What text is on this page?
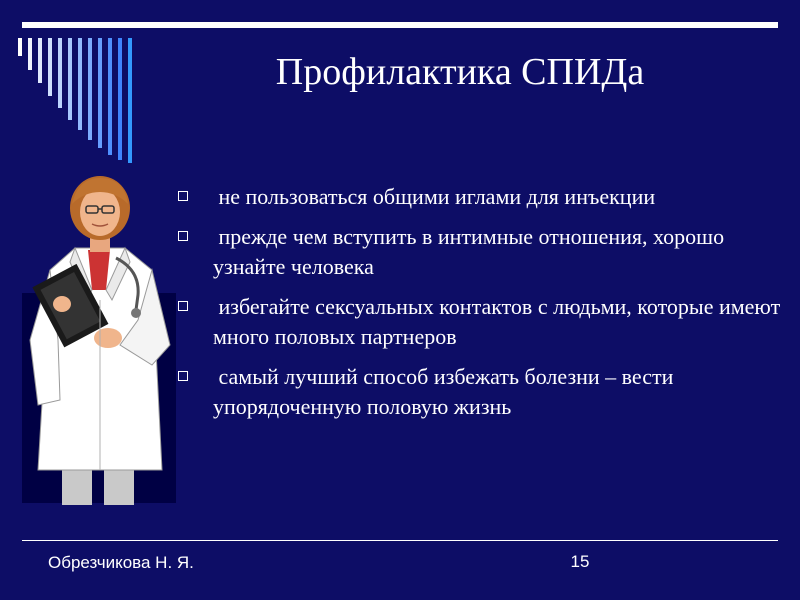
Профилактика СПИДа
не пользоваться общими иглами для инъекции
прежде чем вступить в интимные отношения, хорошо узнайте человека
избегайте сексуальных контактов с людьми, которые имеют много половых партнеров
самый лучший способ избежать болезни – вести упорядоченную половую жизнь
Обрезчикова Н. Я.	15
